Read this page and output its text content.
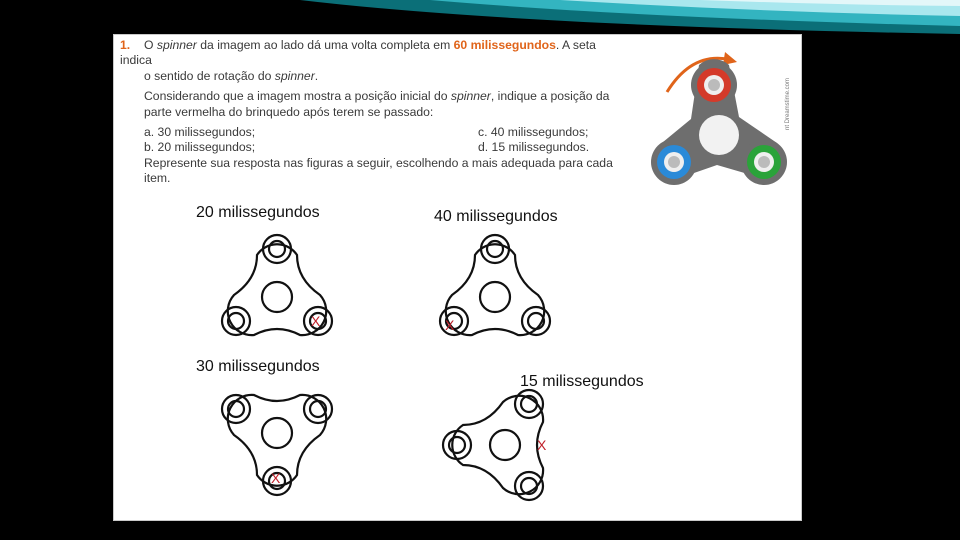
1. O spinner da imagem ao lado dá uma volta completa em 60 milissegundos. A seta indica

o sentido de rotação do spinner.

Considerando que a imagem mostra a posição inicial do spinner, indique a posição da parte vermelha do brinquedo após terem se passado:

a. 30 milissegundos;
b. 20 milissegundos;
c. 40 milissegundos;
d. 15 milissegundos.

Represente sua resposta nas figuras a seguir, escolhendo a mais adequada para cada item.

nt Dreamstime.com
20 milissegundos
X
40 milissegundos
X
30 milissegundos
X
15 milissegundos
X
